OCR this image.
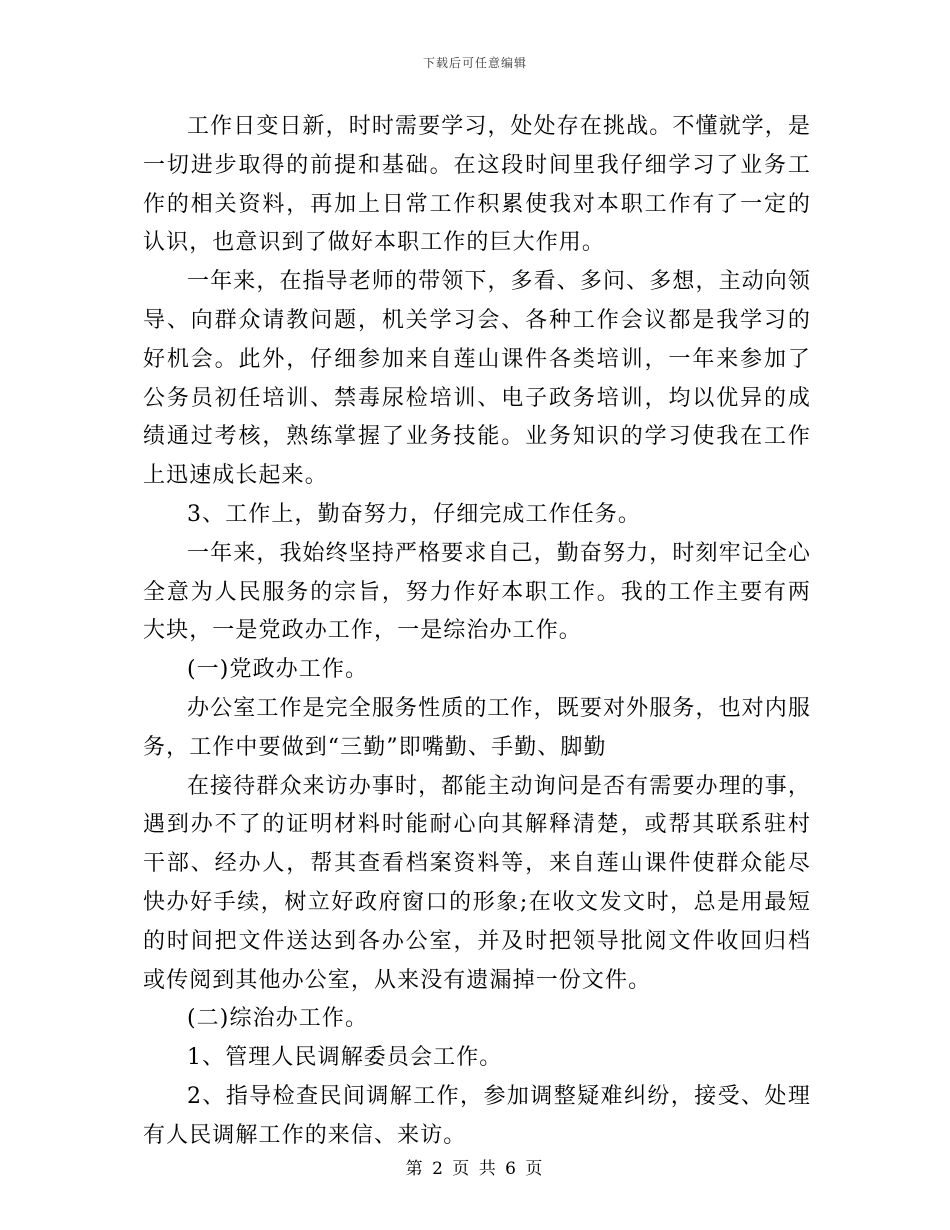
下载后可任意编辑

工作日变日新，时时需要学习，处处存在挑战。不懂就学，是一切进步取得的前提和基础。在这段时间里我仔细学习了业务工作的相关资料，再加上日常工作积累使我对本职工作有了一定的认识，也意识到了做好本职工作的巨大作用。

一年来，在指导老师的带领下，多看、多问、多想，主动向领导、向群众请教问题，机关学习会、各种工作会议都是我学习的好机会。此外，仔细参加来自莲山课件各类培训，一年来参加了公务员初任培训、禁毒尿检培训、电子政务培训，均以优异的成绩通过考核，熟练掌握了业务技能。业务知识的学习使我在工作上迅速成长起来。

3、工作上，勤奋努力，仔细完成工作任务。

一年来，我始终坚持严格要求自己，勤奋努力，时刻牢记全心全意为人民服务的宗旨，努力作好本职工作。我的工作主要有两大块，一是党政办工作，一是综治办工作。

(一)党政办工作。

办公室工作是完全服务性质的工作，既要对外服务，也对内服务，工作中要做到“三勤”即嘴勤、手勤、脚勤

在接待群众来访办事时，都能主动询问是否有需要办理的事，遇到办不了的证明材料时能耐心向其解释清楚，或帮其联系驻村干部、经办人，帮其查看档案资料等，来自莲山课件使群众能尽快办好手续，树立好政府窗口的形象;在收文发文时，总是用最短的时间把文件送达到各办公室，并及时把领导批阅文件收回归档或传阅到其他办公室，从来没有遗漏掉一份文件。

(二)综治办工作。

1、管理人民调解委员会工作。

2、指导检查民间调解工作，参加调整疑难纠纷，接受、处理有人民调解工作的来信、来访。

第 2 页 共 6 页
